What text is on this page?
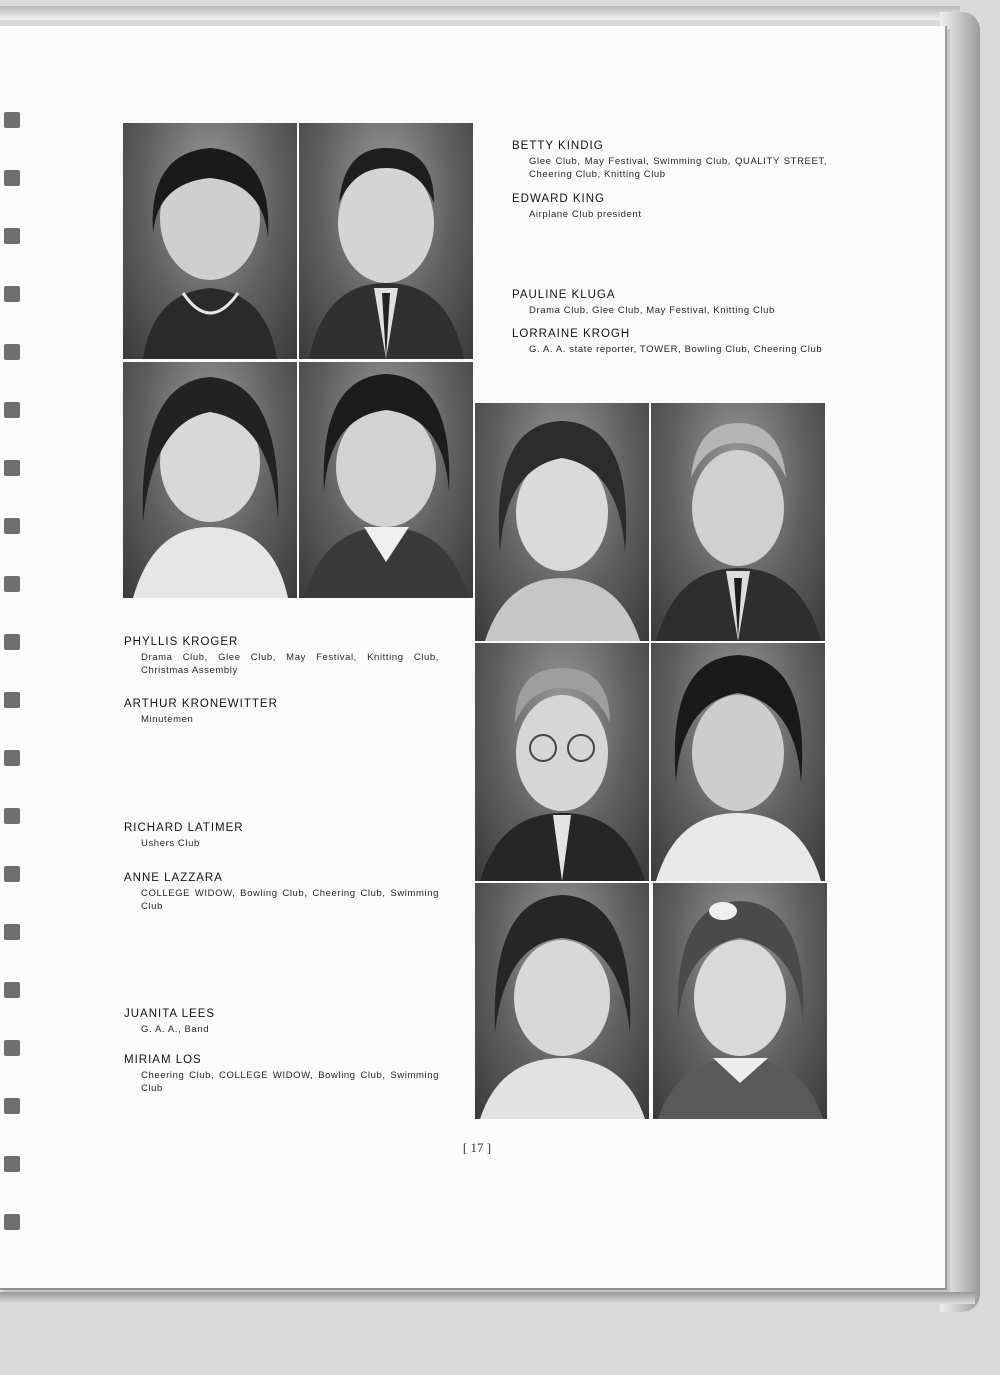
BETTY KINDIG
Glee Club, May Festival, Swimming Club, QUALITY STREET, Cheering Club, Knitting Club
EDWARD KING
Airplane Club president
PAULINE KLUGA
Drama Club, Glee Club, May Festival, Knitting Club
LORRAINE KROGH
G. A. A. state reporter, TOWER, Bowling Club, Cheering Club
PHYLLIS KROGER
Drama Club, Glee Club, May Festival, Knitting Club, Christmas Assembly
ARTHUR KRONEWITTER
Minutemen
RICHARD LATIMER
Ushers Club
ANNE LAZZARA
COLLEGE WIDOW, Bowling Club, Cheering Club, Swimming Club
JUANITA LEES
G. A. A., Band
MIRIAM LOS
Cheering Club, COLLEGE WIDOW, Bowling Club, Swimming Club
[ 17 ]
